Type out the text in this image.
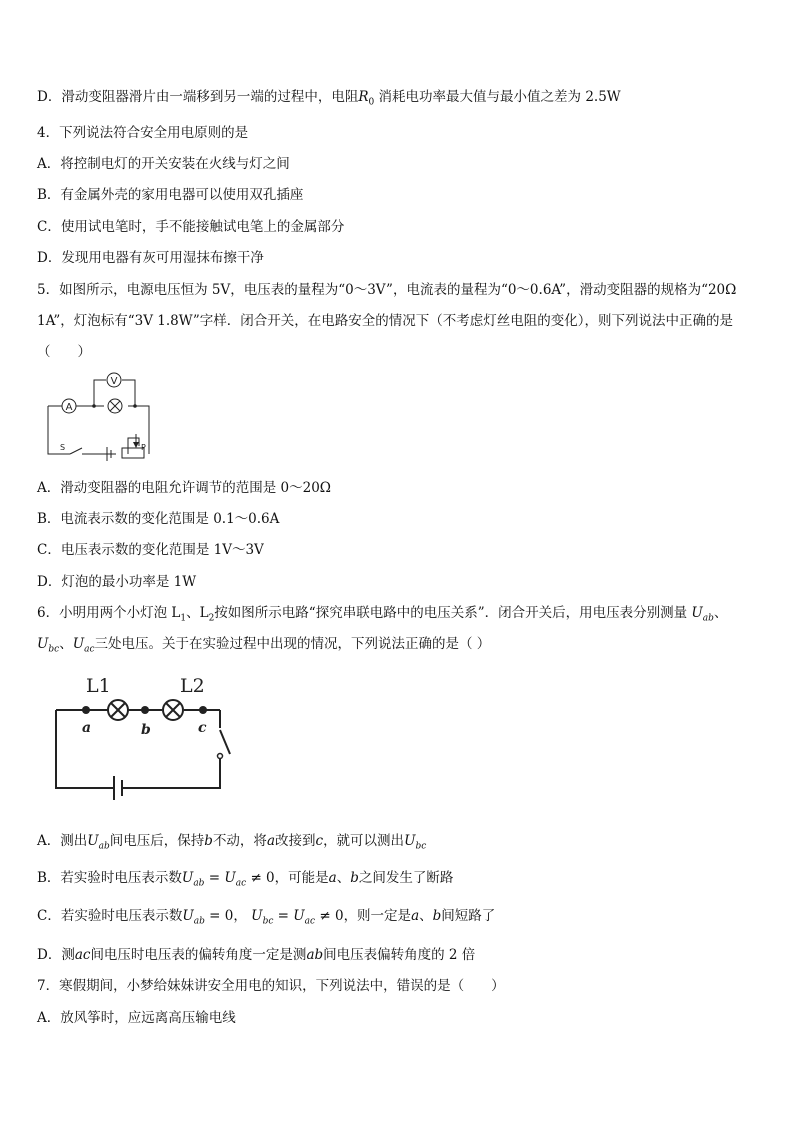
D．滑动变阻器滑片由一端移到另一端的过程中，电阻$R_0$ 消耗电功率最大值与最小值之差为 2.5W
4．下列说法符合安全用电原则的是
A．将控制电灯的开关安装在火线与灯之间
B．有金属外壳的家用电器可以使用双孔插座
C．使用试电笔时，手不能接触试电笔上的金属部分
D．发现用电器有灰可用湿抹布擦干净
5．如图所示，电源电压恒为 5V，电压表的量程为“0～3V”，电流表的量程为“0～0.6A”，滑动变阻器的规格为“20Ω 1A”，灯泡标有“3V 1.8W”字样．闭合开关，在电路安全的情况下（不考虑灯丝电阻的变化），则下列说法中正确的是（　　）
A
V
S	P
A．滑动变阻器的电阻允许调节的范围是 0～20Ω
B．电流表示数的变化范围是 0.1～0.6A
C．电压表示数的变化范围是 1V～3V
D．灯泡的最小功率是 1W
6．小明用两个小灯泡 $L_1$、$L_2$按如图所示电路“探究串联电路中的电压关系”．闭合开关后，用电压表分别测量 $U_{ab}$、
$U_{bc}$、$U_{ac}$三处电压。关于在实验过程中出现的情况，下列说法正确的是（ ）
L1	L2
a	b	c
A．测出$U_{ab}$间电压后，保持b不动，将a改接到c，就可以测出$U_{bc}$
B．若实验时电压表示数$U_{ab} = U_{ac} \ne 0$，可能是a、b之间发生了断路
C．若实验时电压表示数$U_{ab} = 0$， $U_{bc} = U_{ac} \ne 0$，则一定是a、b间短路了
D．测ac间电压时电压表的偏转角度一定是测ab间电压表偏转角度的 2 倍
7．寒假期间，小梦给妹妹讲安全用电的知识，下列说法中，错误的是（　　）
A．放风筝时，应远离高压输电线
